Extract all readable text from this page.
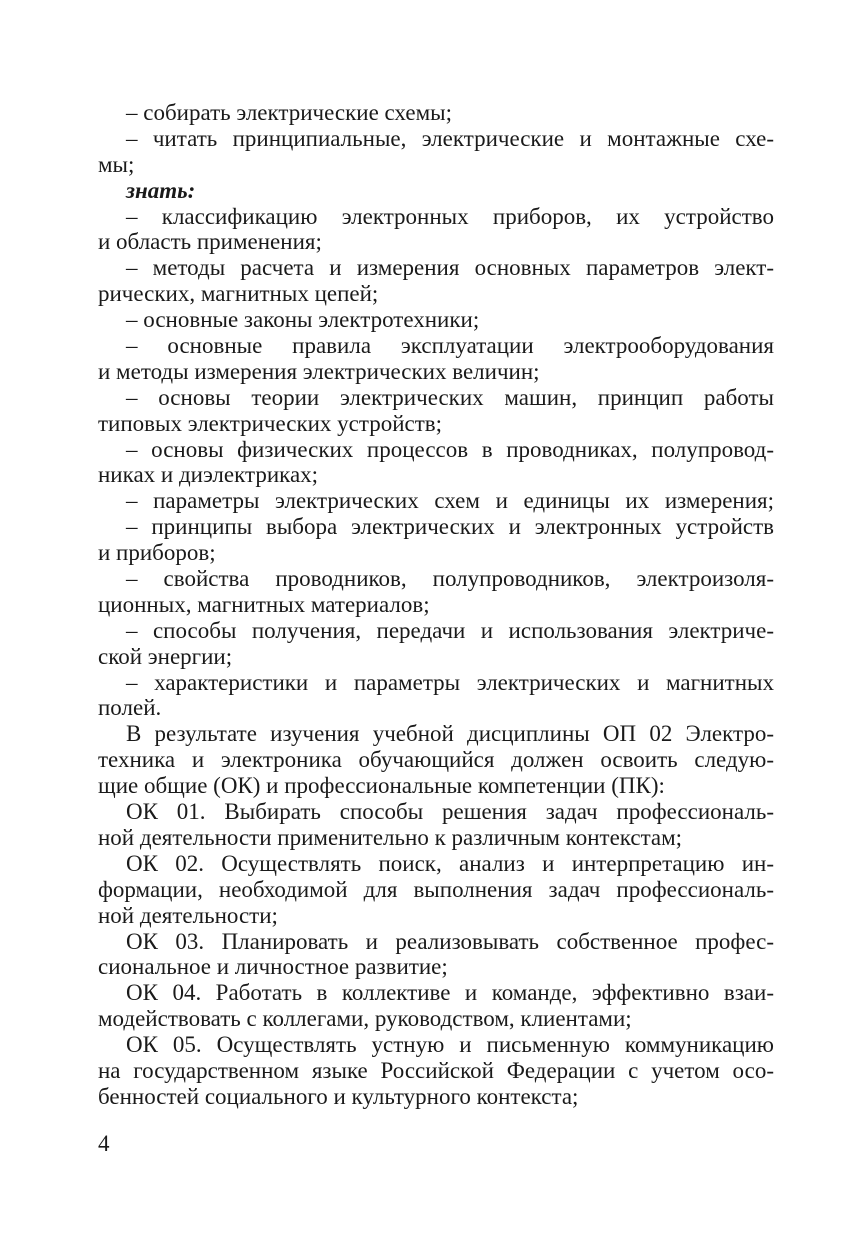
– собирать электрические схемы;
– читать принципиальные, электрические и монтажные схе-
мы;
знать:
– классификацию электронных приборов, их устройство
и область применения;
– методы расчета и измерения основных параметров элект-
рических, магнитных цепей;
– основные законы электротехники;
– основные правила эксплуатации электрооборудования
и методы измерения электрических величин;
– основы теории электрических машин, принцип работы
типовых электрических устройств;
– основы физических процессов в проводниках, полупровод-
никах и диэлектриках;
– параметры электрических схем и единицы их измерения;
– принципы выбора электрических и электронных устройств
и приборов;
– свойства проводников, полупроводников, электроизоля-
ционных, магнитных материалов;
– способы получения, передачи и использования электриче-
ской энергии;
– характеристики и параметры электрических и магнитных
полей.
В результате изучения учебной дисциплины ОП 02 Электро-
техника и электроника обучающийся должен освоить следую-
щие общие (ОК) и профессиональные компетенции (ПК):
ОК 01. Выбирать способы решения задач профессиональ-
ной деятельности применительно к различным контекстам;
ОК 02. Осуществлять поиск, анализ и интерпретацию ин-
формации, необходимой для выполнения задач профессиональ-
ной деятельности;
ОК 03. Планировать и реализовывать собственное профес-
сиональное и личностное развитие;
ОК 04. Работать в коллективе и команде, эффективно взаи-
модействовать с коллегами, руководством, клиентами;
ОК 05. Осуществлять устную и письменную коммуникацию
на государственном языке Российской Федерации с учетом осо-
бенностей социального и культурного контекста;
4
